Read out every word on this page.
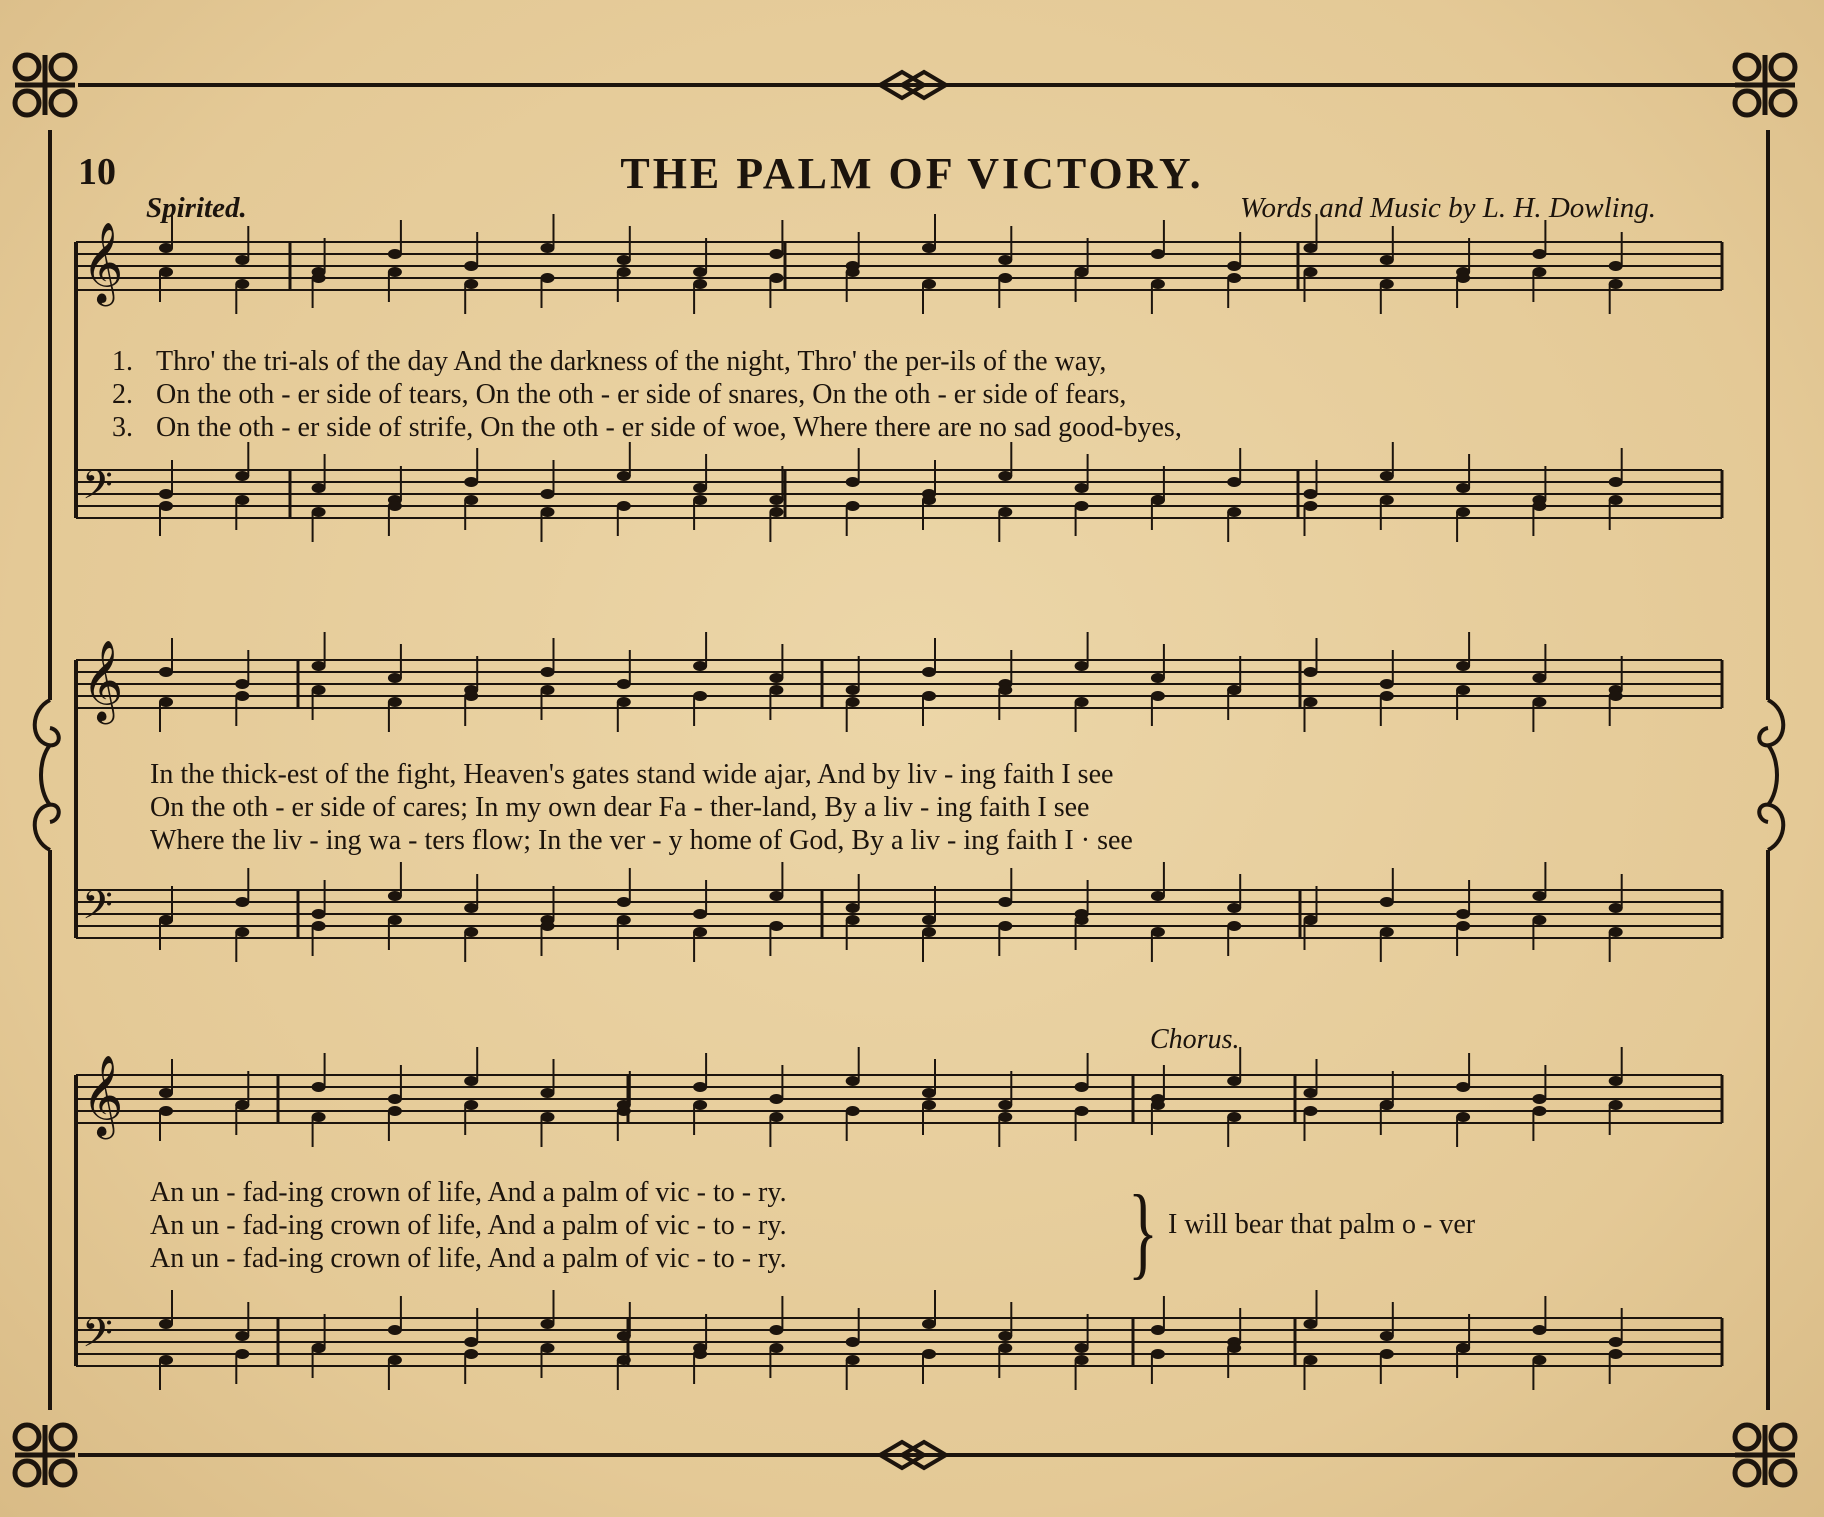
𝄞
𝄢
𝄞
𝄢
𝄞
𝄢
10	THE PALM OF VICTORY.
Spirited.	Words and Music by L. H. Dowling.
1. Thro' the tri-als of the day And the darkness of the night, Thro' the per-ils of the way,
2. On the oth - er side of tears, On the oth - er side of snares, On the oth - er side of fears,
3. On the oth - er side of strife, On the oth - er side of woe, Where there are no sad good-byes,
In the thick-est of the fight, Heaven's gates stand wide ajar, And by liv - ing faith I see
On the oth - er side of cares; In my own dear Fa - ther-land, By a liv - ing faith I see
Where the liv - ing wa - ters flow; In the ver - y home of God, By a liv - ing faith I · see
Chorus.
An un - fad-ing crown of life, And a palm of vic - to - ry.
An un - fad-ing crown of life, And a palm of vic - to - ry.
An un - fad-ing crown of life, And a palm of vic - to - ry.	} I will bear that palm o - ver
